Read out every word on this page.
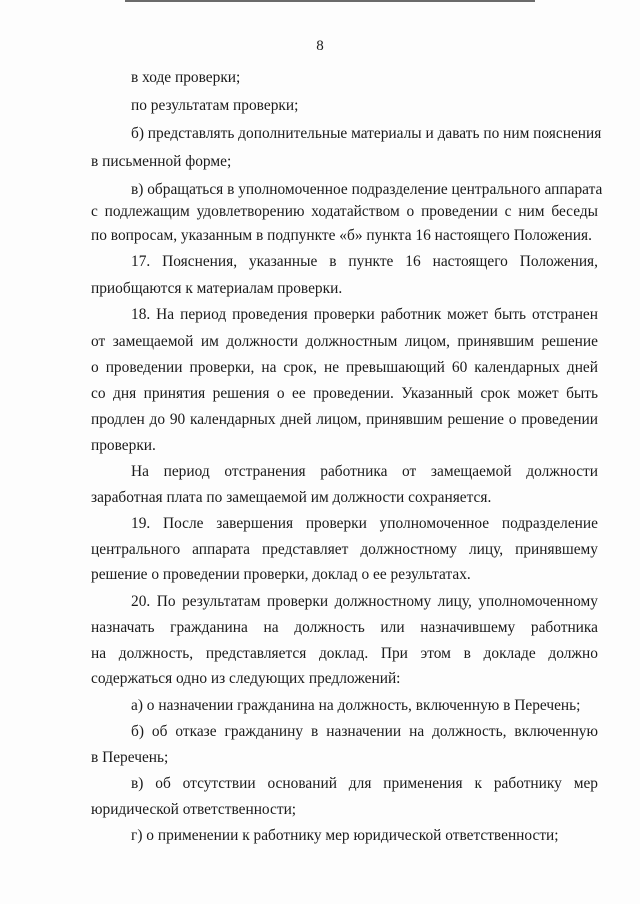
8
в ходе проверки;
по результатам проверки;
б) представлять дополнительные материалы и давать по ним пояснения
в письменной форме;
в) обращаться в уполномоченное подразделение центрального аппарата
с подлежащим удовлетворению ходатайством о проведении с ним беседы
по вопросам, указанным в подпункте «б» пункта 16 настоящего Положения.
17. Пояснения, указанные в пункте 16 настоящего Положения,
приобщаются к материалам проверки.
18. На период проведения проверки работник может быть отстранен
от замещаемой им должности должностным лицом, принявшим решение
о проведении проверки, на срок, не превышающий 60 календарных дней
со дня принятия решения о ее проведении. Указанный срок может быть
продлен до 90 календарных дней лицом, принявшим решение о проведении
проверки.
На период отстранения работника от замещаемой должности
заработная плата по замещаемой им должности сохраняется.
19. После завершения проверки уполномоченное подразделение
центрального аппарата представляет должностному лицу, принявшему
решение о проведении проверки, доклад о ее результатах.
20. По результатам проверки должностному лицу, уполномоченному
назначать гражданина на должность или назначившему работника
на должность, представляется доклад. При этом в докладе должно
содержаться одно из следующих предложений:
а) о назначении гражданина на должность, включенную в Перечень;
б) об отказе гражданину в назначении на должность, включенную
в Перечень;
в) об отсутствии оснований для применения к работнику мер
юридической ответственности;
г) о применении к работнику мер юридической ответственности;
